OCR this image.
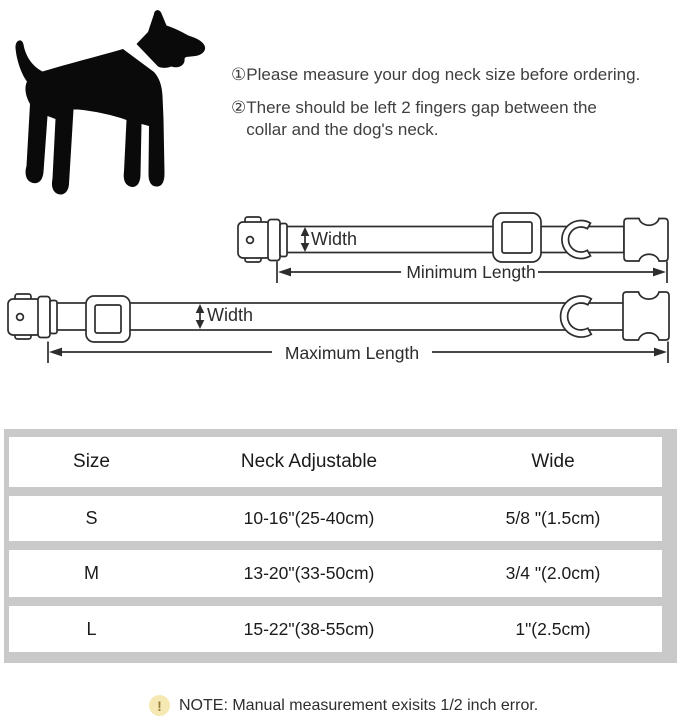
① Please measure your dog neck size before ordering.
② There should be left 2 fingers gap between the
collar and the dog's neck.
Width
Minimum Length
Width
Maximum Length
Size	Neck Adjustable	Wide
S	10-16"(25-40cm)	5/8 "(1.5cm)
M	13-20"(33-50cm)	3/4 "(2.0cm)
L	15-22"(38-55cm)	1"(2.5cm)
!	NOTE: Manual measurement exisits 1/2 inch error.
